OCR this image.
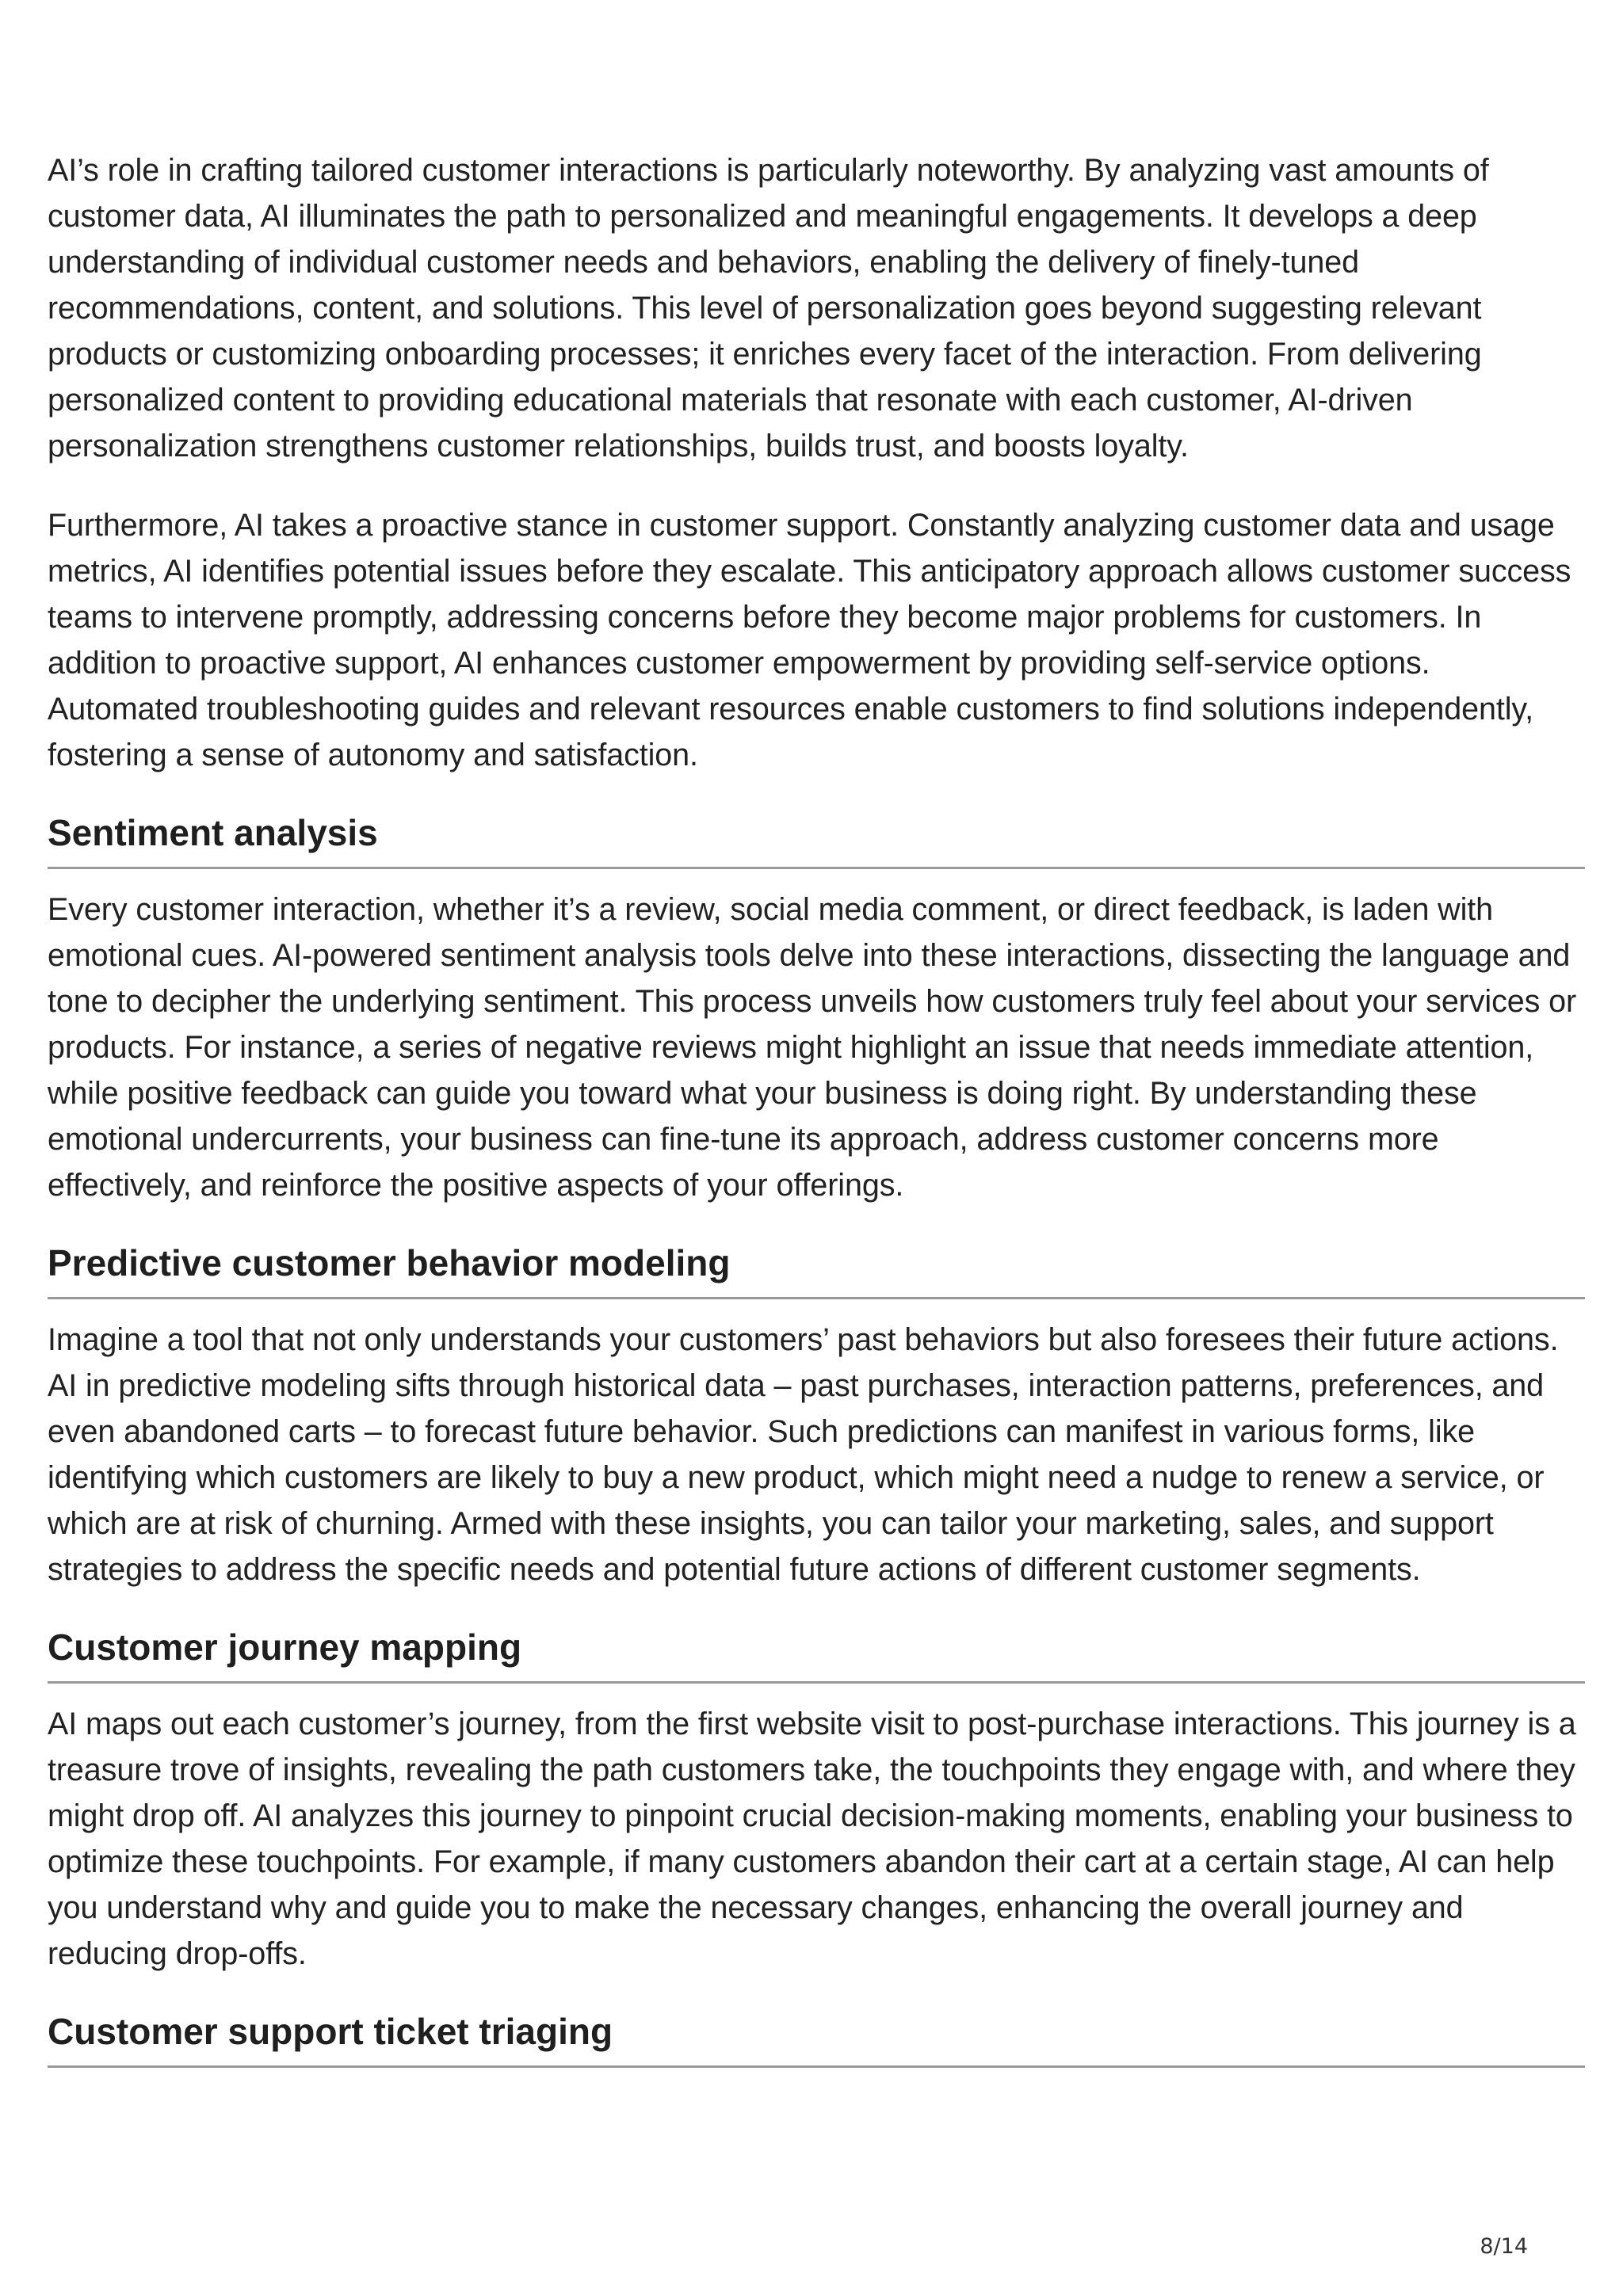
AI’s role in crafting tailored customer interactions is particularly noteworthy. By analyzing vast amounts of customer data, AI illuminates the path to personalized and meaningful engagements. It develops a deep understanding of individual customer needs and behaviors, enabling the delivery of finely-tuned recommendations, content, and solutions. This level of personalization goes beyond suggesting relevant products or customizing onboarding processes; it enriches every facet of the interaction. From delivering personalized content to providing educational materials that resonate with each customer, AI-driven personalization strengthens customer relationships, builds trust, and boosts loyalty.

Furthermore, AI takes a proactive stance in customer support. Constantly analyzing customer data and usage metrics, AI identifies potential issues before they escalate. This anticipatory approach allows customer success teams to intervene promptly, addressing concerns before they become major problems for customers. In addition to proactive support, AI enhances customer empowerment by providing self-service options. Automated troubleshooting guides and relevant resources enable customers to find solutions independently, fostering a sense of autonomy and satisfaction.

Sentiment analysis

Every customer interaction, whether it’s a review, social media comment, or direct feedback, is laden with emotional cues. AI-powered sentiment analysis tools delve into these interactions, dissecting the language and tone to decipher the underlying sentiment. This process unveils how customers truly feel about your services or products. For instance, a series of negative reviews might highlight an issue that needs immediate attention, while positive feedback can guide you toward what your business is doing right. By understanding these emotional undercurrents, your business can fine-tune its approach, address customer concerns more effectively, and reinforce the positive aspects of your offerings.

Predictive customer behavior modeling

Imagine a tool that not only understands your customers’ past behaviors but also foresees their future actions. AI in predictive modeling sifts through historical data – past purchases, interaction patterns, preferences, and even abandoned carts – to forecast future behavior. Such predictions can manifest in various forms, like identifying which customers are likely to buy a new product, which might need a nudge to renew a service, or which are at risk of churning. Armed with these insights, you can tailor your marketing, sales, and support strategies to address the specific needs and potential future actions of different customer segments.

Customer journey mapping

AI maps out each customer’s journey, from the first website visit to post-purchase interactions. This journey is a treasure trove of insights, revealing the path customers take, the touchpoints they engage with, and where they might drop off. AI analyzes this journey to pinpoint crucial decision-making moments, enabling your business to optimize these touchpoints. For example, if many customers abandon their cart at a certain stage, AI can help you understand why and guide you to make the necessary changes, enhancing the overall journey and reducing drop-offs.

Customer support ticket triaging
8/14
